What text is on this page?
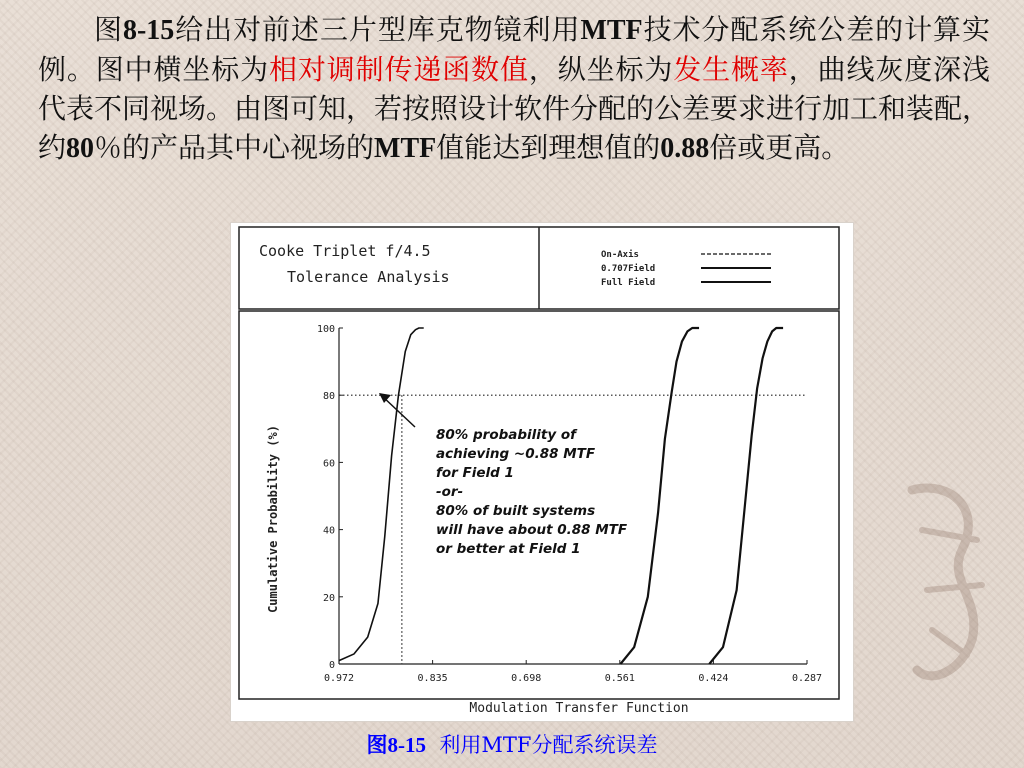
图8-15给出对前述三片型库克物镜利用MTF技术分配系统公差的计算实例。图中横坐标为相对调制传递函数值，纵坐标为发生概率，曲线灰度深浅代表不同视场。由图可知，若按照设计软件分配的公差要求进行加工和装配，约80％的产品其中心视场的MTF值能达到理想值的0.88倍或更高。
Cooke Triplet f/4.5
Tolerance Analysis
On-Axis
0.707Field
Full Field
0
20
40
60
80
100
0.972	0.835	0.698	0.561	0.424	0.287
Cumulative Probability (%)
Modulation Transfer Function
80% probability of
achieving ~0.88 MTF
for Field 1
-or-
80% of built systems
will have about 0.88 MTF
or better at Field 1
图8-15 利用MTF分配系统误差
